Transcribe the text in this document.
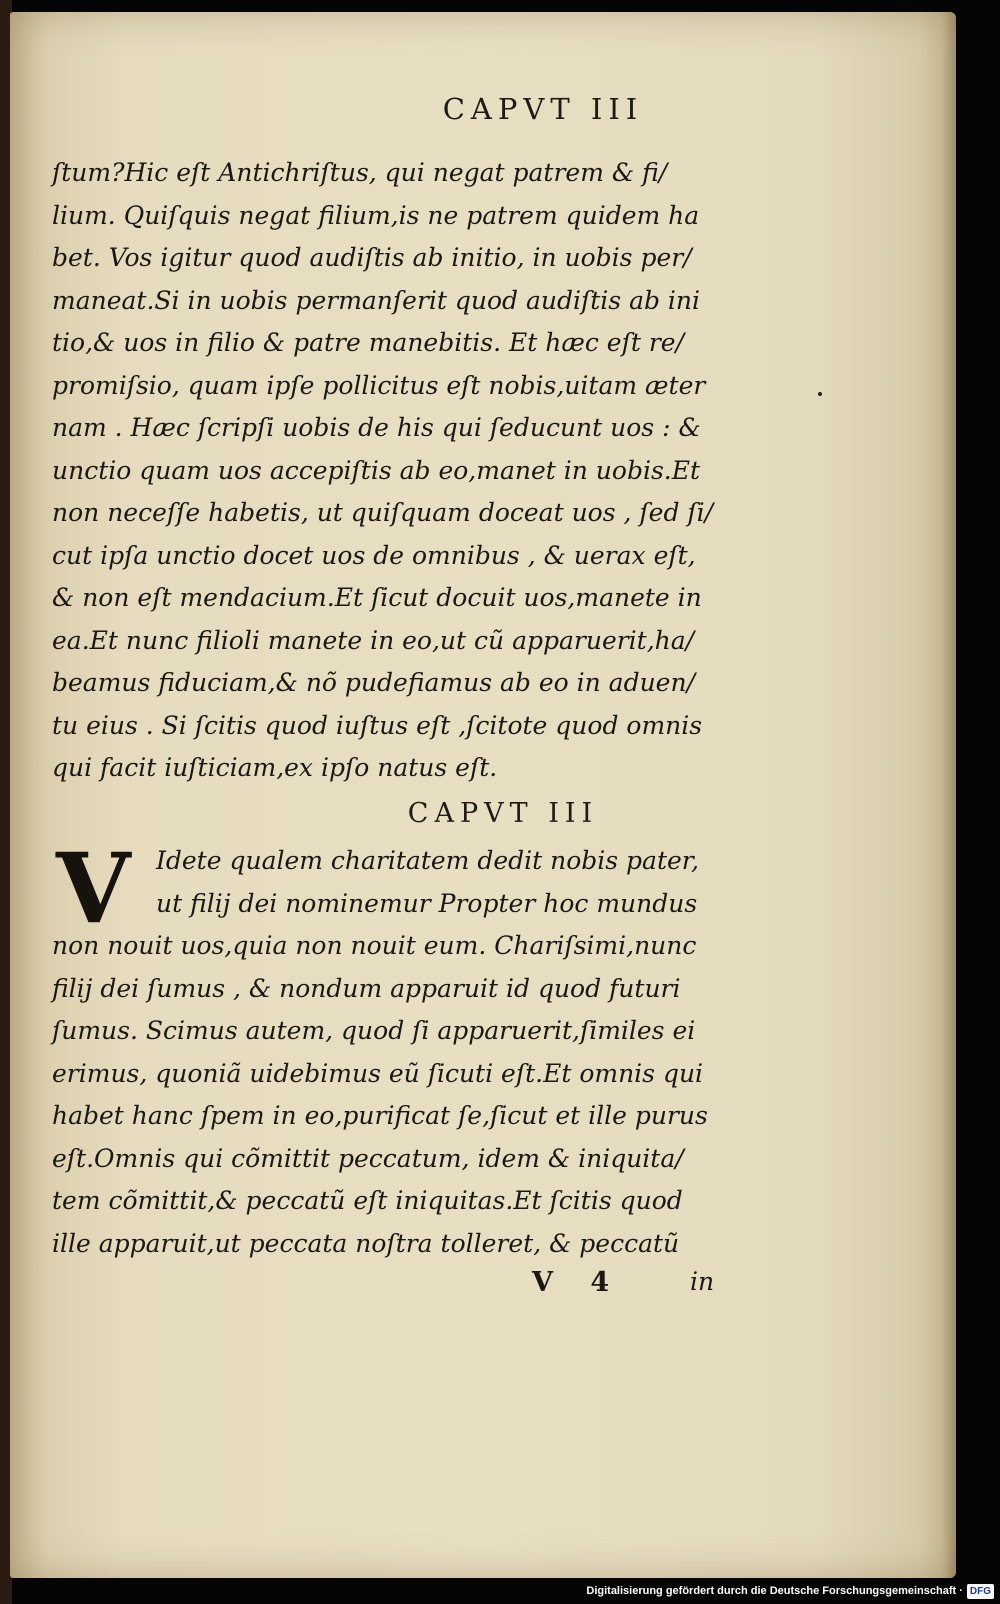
CAPVT III
ſtum?Hic eſt Antichriſtus, qui negat patrem & fi/
lium. Quiſquis negat filium,is ne patrem quidem ha
bet. Vos igitur quod audiſtis ab initio, in uobis per/
maneat.Si in uobis permanſerit quod audiſtis ab ini
tio,& uos in filio & patre manebitis. Et hæc eſt re/
promiſsio, quam ipſe pollicitus eſt nobis,uitam æter
nam . Hæc ſcripſi uobis de his qui ſeducunt uos : &
unctio quam uos accepiſtis ab eo,manet in uobis.Et
non neceſſe habetis, ut quiſquam doceat uos , ſed ſi/
cut ipſa unctio docet uos de omnibus , & uerax eſt,
& non eſt mendacium.Et ſicut docuit uos,manete in
ea.Et nunc filioli manete in eo,ut cũ apparuerit,ha/
beamus fiduciam,& nõ pudefiamus ab eo in aduen/
tu eius . Si ſcitis quod iuſtus eſt ,ſcitote quod omnis
qui facit iuſticiam,ex ipſo natus eſt.
CAPVT III
V	Idete qualem charitatem dedit nobis pater,
ut filij dei nominemur Propter hoc mundus
non nouit uos,quia non nouit eum. Chariſsimi,nunc
filij dei ſumus , & nondum apparuit id quod futuri
ſumus. Scimus autem, quod ſi apparuerit,ſimiles ei
erimus, quoniã uidebimus eũ ſicuti eſt.Et omnis qui
habet hanc ſpem in eo,purificat ſe,ſicut et ille purus
eſt.Omnis qui cõmittit peccatum, idem & iniquita/
tem cõmittit,& peccatũ eſt iniquitas.Et ſcitis quod
ille apparuit,ut peccata noſtra tolleret, & peccatũ
V 4	in
Digitalisierung gefördert durch die Deutsche Forschungsgemeinschaft · DFG
